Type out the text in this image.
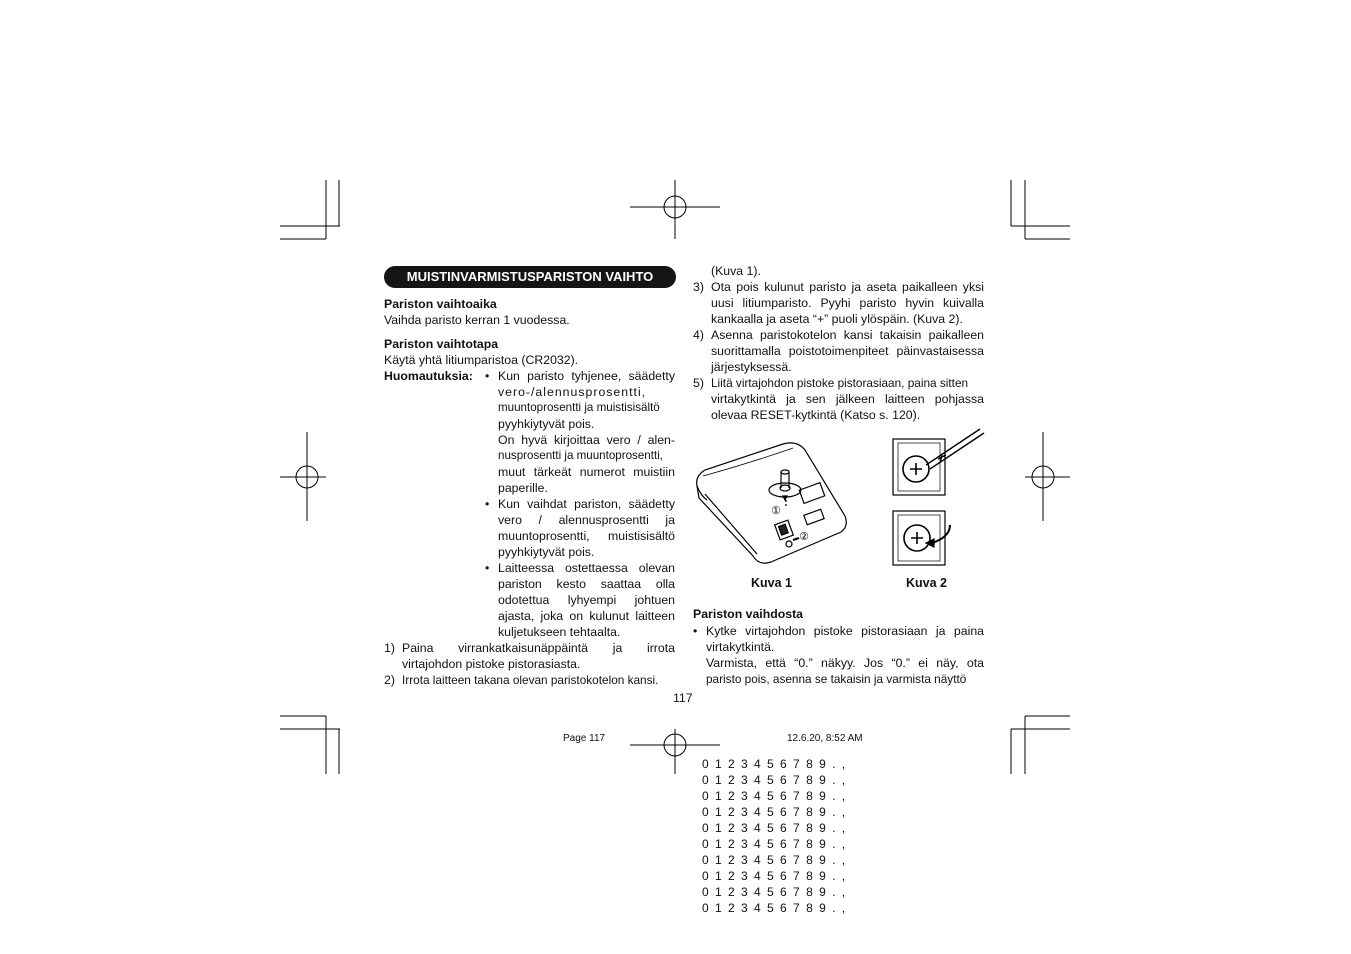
MUISTINVARMISTUSPARISTON VAIHTO
Pariston vaihtoaika
Vaihda paristo kerran 1 vuodessa.
Pariston vaihtotapa
Käytä yhtä litiumparistoa (CR2032).
Huomautuksia: • Kun paristo tyhjenee, säädetty
vero-/alennusprosentti,
muuntoprosentti ja muistisisältö
pyyhkiytyvät pois.
On hyvä kirjoittaa vero / alen-
nusprosentti ja muuntoprosentti,
muut tärkeät numerot muistiin
paperille.
• Kun vaihdat pariston, säädetty
vero / alennusprosentti ja
muuntoprosentti, muistisisältö
pyyhkiytyvät pois.
• Laitteessa ostettaessa olevan
pariston kesto saattaa olla
odotettua lyhyempi johtuen
ajasta, joka on kulunut laitteen
kuljetukseen tehtaalta.
1) Paina virrankatkaisunäppäintä ja irrota
virtajohdon pistoke pistorasiasta.
2) Irrota laitteen takana olevan paristokotelon kansi.
(Kuva 1).
3) Ota pois kulunut paristo ja aseta paikalleen yksi
uusi litiumparisto. Pyyhi paristo hyvin kuivalla
kankaalla ja aseta “+” puoli ylöspäin. (Kuva 2).
4) Asenna paristokotelon kansi takaisin paikalleen
suorittamalla poistotoimenpiteet päinvastaisessa
järjestyksessä.
5) Liitä virtajohdon pistoke pistorasiaan, paina sitten
virtakytkintä ja sen jälkeen laitteen pohjassa
olevaa RESET-kytkintä (Katso s. 120).
①
②
Kuva 1	Kuva 2
Pariston vaihdosta
• Kytke virtajohdon pistoke pistorasiaan ja paina
virtakytkintä.
Varmista, että “0.” näkyy. Jos “0.” ei näy, ota
paristo pois, asenna se takaisin ja varmista näyttö
117
Page 117	12.6.20, 8:52 AM
0 1 2 3 4 5 6 7 8 9 . ,
0 1 2 3 4 5 6 7 8 9 . ,
0 1 2 3 4 5 6 7 8 9 . ,
0 1 2 3 4 5 6 7 8 9 . ,
0 1 2 3 4 5 6 7 8 9 . ,
0 1 2 3 4 5 6 7 8 9 . ,
0 1 2 3 4 5 6 7 8 9 . ,
0 1 2 3 4 5 6 7 8 9 . ,
0 1 2 3 4 5 6 7 8 9 . ,
0 1 2 3 4 5 6 7 8 9 . ,
